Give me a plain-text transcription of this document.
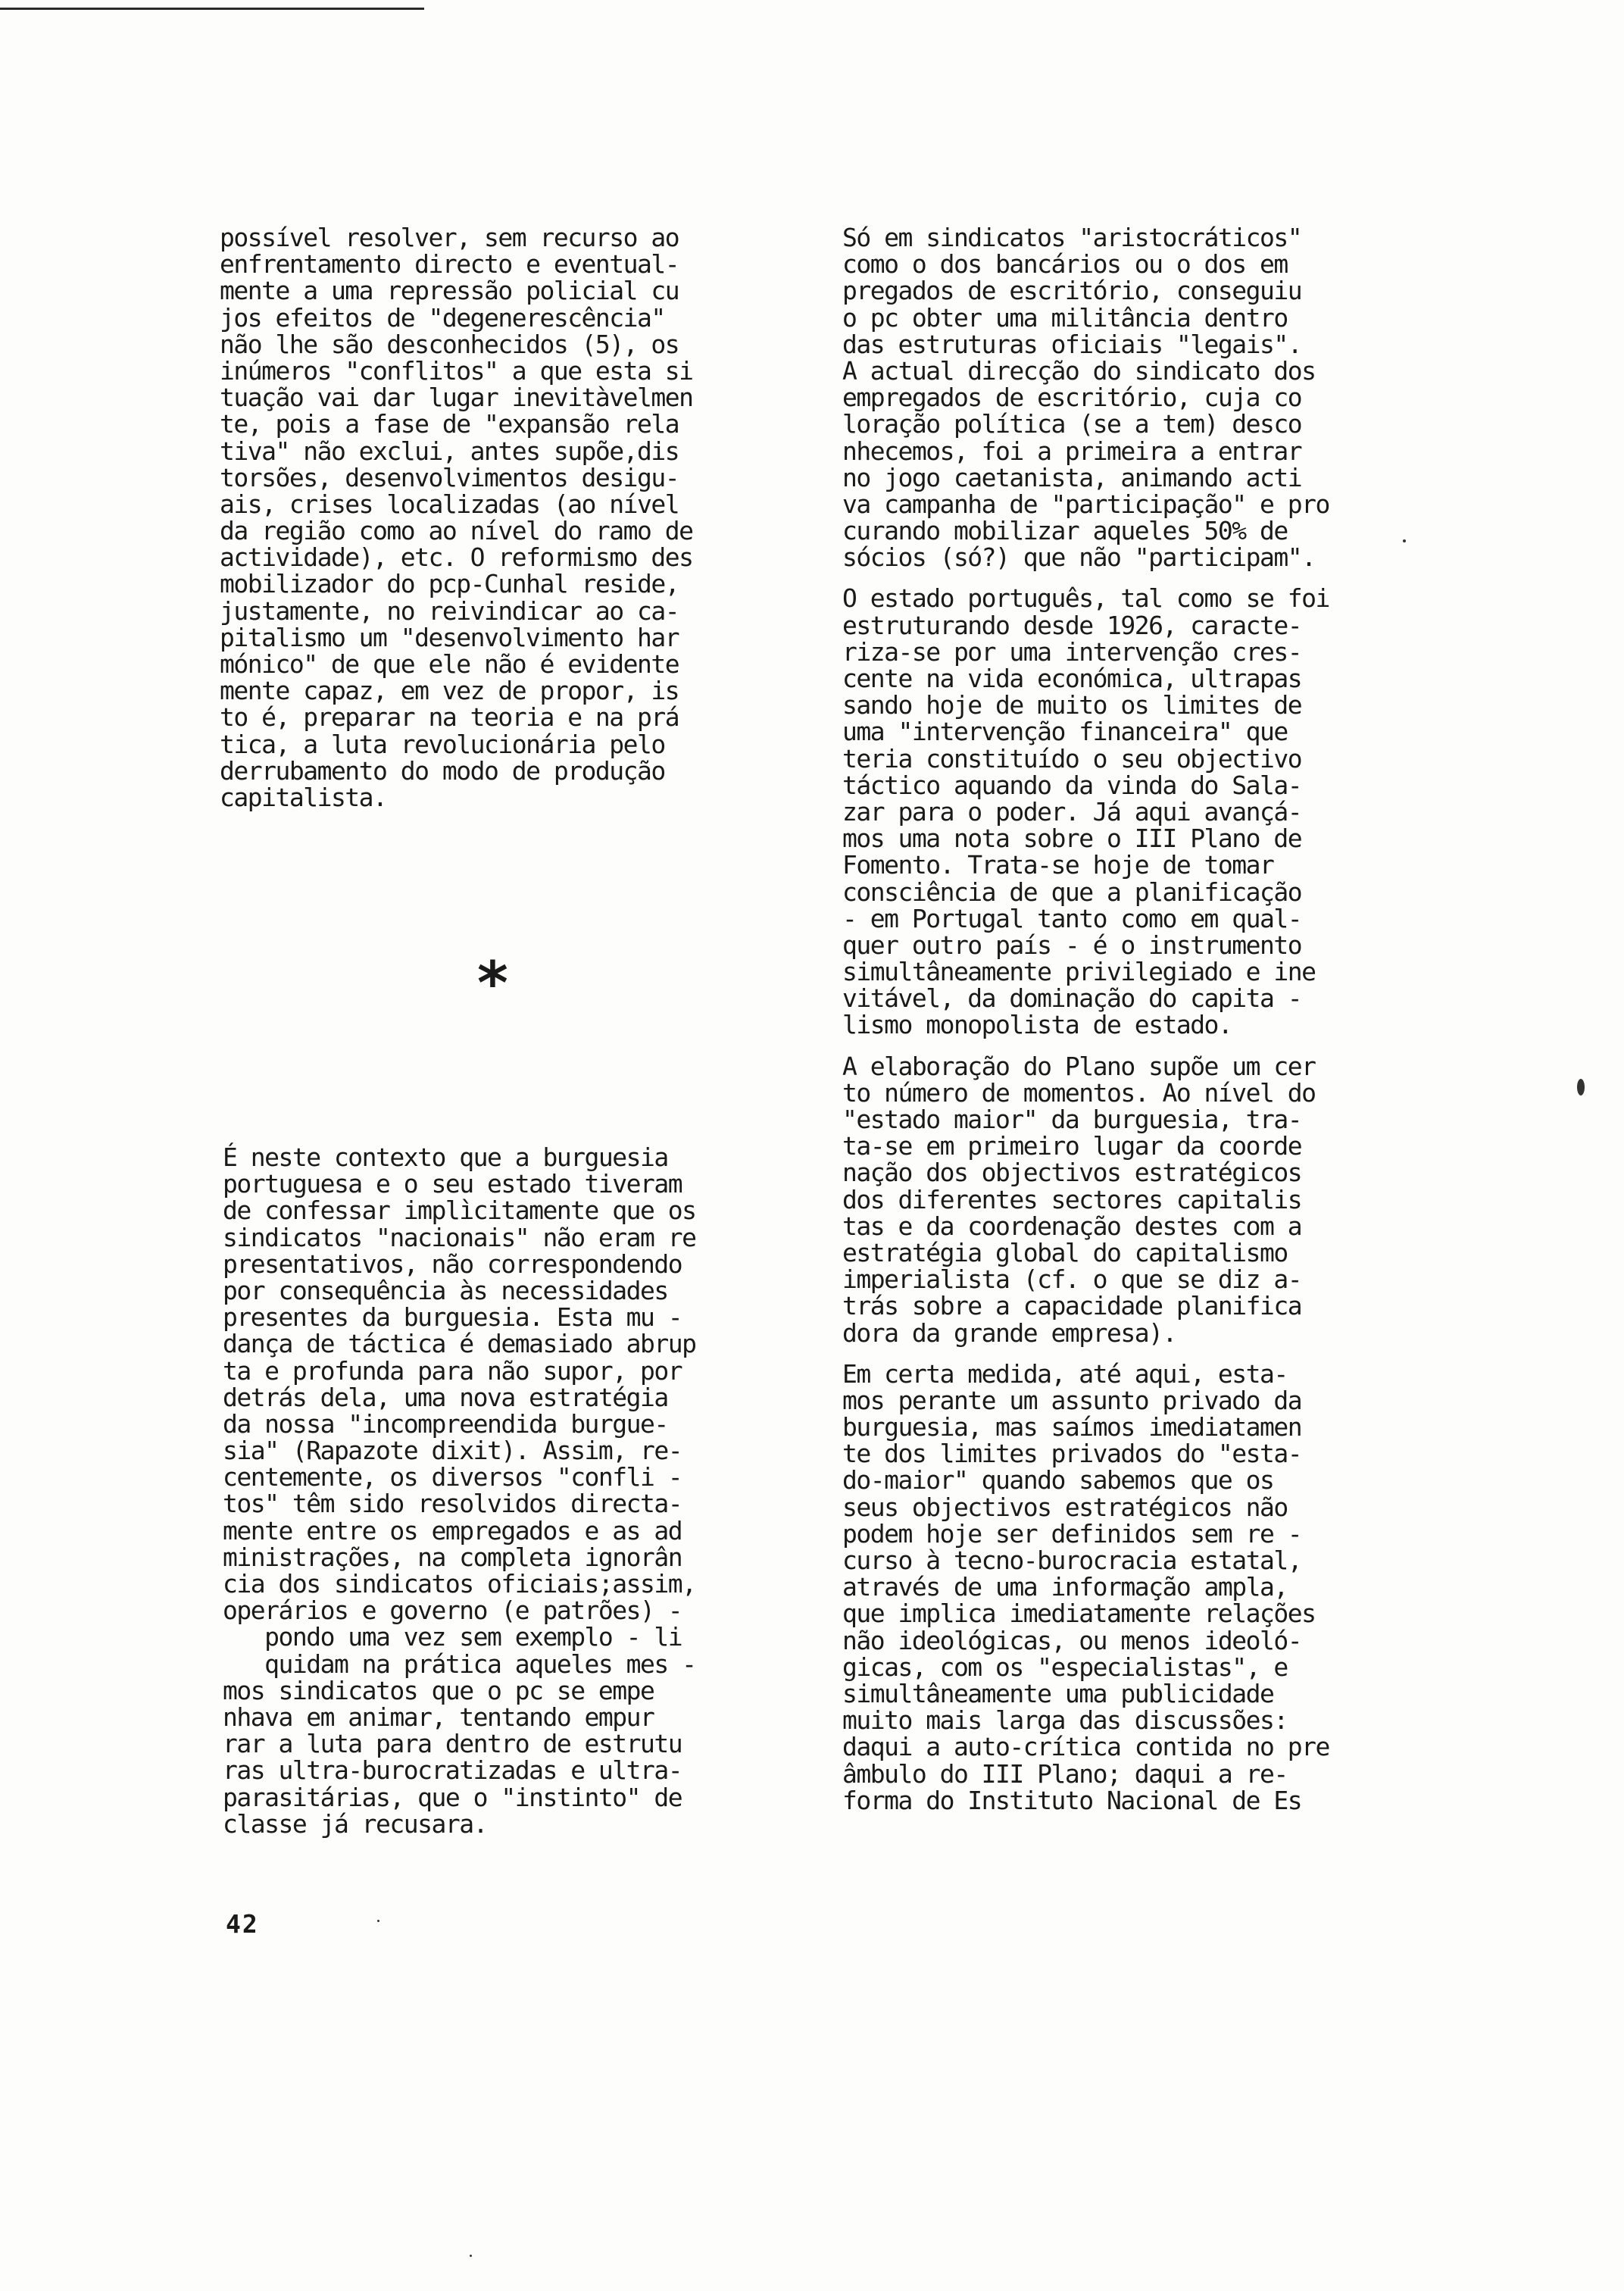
possível resolver, sem recurso ao
enfrentamento directo e eventual-
mente a uma repressão policial cu
jos efeitos de "degenerescência"
não lhe são desconhecidos (5), os
inúmeros "conflitos" a que esta si
tuação vai dar lugar inevitàvelmen
te, pois a fase de "expansão rela
tiva" não exclui, antes supõe,dis
torsões, desenvolvimentos desigu-
ais, crises localizadas (ao nível
da região como ao nível do ramo de
actividade), etc. O reformismo des
mobilizador do pcp-Cunhal reside,
justamente, no reivindicar ao ca-
pitalismo um "desenvolvimento har
mónico" de que ele não é evidente
mente capaz, em vez de propor, is
to é, preparar na teoria e na prá
tica, a luta revolucionária pelo
derrubamento do modo de produção
capitalista.
*
É neste contexto que a burguesia
portuguesa e o seu estado tiveram
de confessar implìcitamente que os
sindicatos "nacionais" não eram re
presentativos, não correspondendo
por consequência às necessidades
presentes da burguesia. Esta mu -
dança de táctica é demasiado abrup
ta e profunda para não supor, por
detrás dela, uma nova estratégia
da nossa "incompreendida burgue-
sia" (Rapazote dixit). Assim, re-
centemente, os diversos "confli -
tos" têm sido resolvidos directa-
mente entre os empregados e as ad
ministrações, na completa ignorân
cia dos sindicatos oficiais;assim,
operários e governo (e patrões) -
pondo uma vez sem exemplo - li
quidam na prática aqueles mes -
mos sindicatos que o pc se empe
nhava em animar, tentando empur
rar a luta para dentro de estrutu
ras ultra-burocratizadas e ultra-
parasitárias, que o "instinto" de
classe já recusara.
Só em sindicatos "aristocráticos"
como o dos bancários ou o dos em
pregados de escritório, conseguiu
o pc obter uma militância dentro
das estruturas oficiais "legais".
A actual direcção do sindicato dos
empregados de escritório, cuja co
loração política (se a tem) desco
nhecemos, foi a primeira a entrar
no jogo caetanista, animando acti
va campanha de "participação" e pro
curando mobilizar aqueles 50% de
sócios (só?) que não "participam".
O estado português, tal como se foi
estruturando desde 1926, caracte-
riza-se por uma intervenção cres-
cente na vida económica, ultrapas
sando hoje de muito os limites de
uma "intervenção financeira" que
teria constituído o seu objectivo
táctico aquando da vinda do Sala-
zar para o poder. Já aqui avançá-
mos uma nota sobre o III Plano de
Fomento. Trata-se hoje de tomar
consciência de que a planificação
- em Portugal tanto como em qual-
quer outro país - é o instrumento
simultâneamente privilegiado e ine
vitável, da dominação do capita -
lismo monopolista de estado.
A elaboração do Plano supõe um cer
to número de momentos. Ao nível do
"estado maior" da burguesia, tra-
ta-se em primeiro lugar da coorde
nação dos objectivos estratégicos
dos diferentes sectores capitalis
tas e da coordenação destes com a
estratégia global do capitalismo
imperialista (cf. o que se diz a-
trás sobre a capacidade planifica
dora da grande empresa).
Em certa medida, até aqui, esta-
mos perante um assunto privado da
burguesia, mas saímos imediatamen
te dos limites privados do "esta-
do-maior" quando sabemos que os
seus objectivos estratégicos não
podem hoje ser definidos sem re -
curso à tecno-burocracia estatal,
através de uma informação ampla,
que implica imediatamente relações
não ideológicas, ou menos ideoló-
gicas, com os "especialistas", e
simultâneamente uma publicidade
muito mais larga das discussões:
daqui a auto-crítica contida no pre
âmbulo do III Plano; daqui a re-
forma do Instituto Nacional de Es
42
